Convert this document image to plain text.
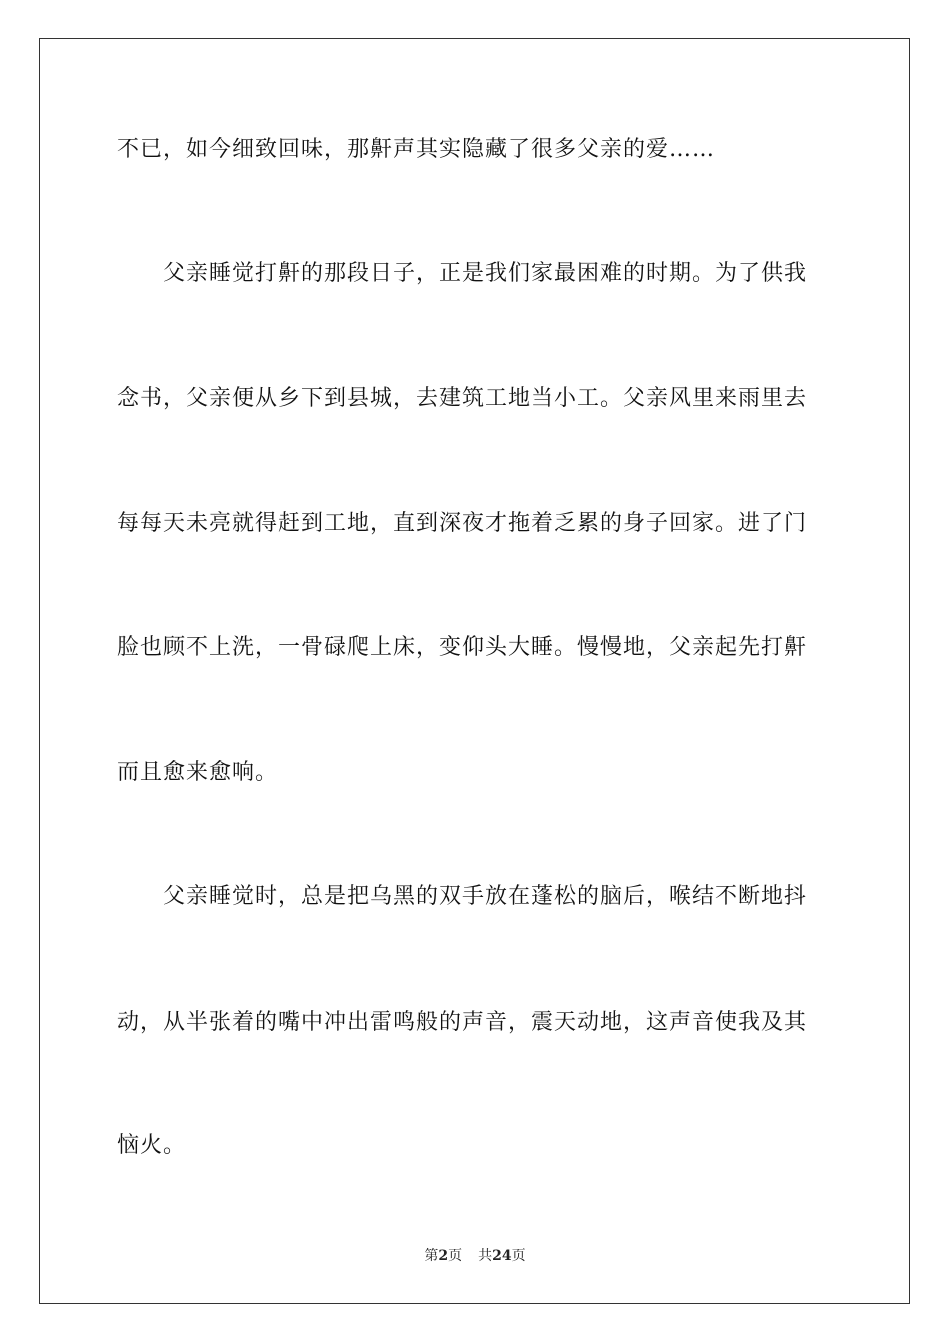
不已，如今细致回味，那鼾声其实隐藏了很多父亲的爱……
父亲睡觉打鼾的那段日子，正是我们家最困难的时期。为了供我
念书，父亲便从乡下到县城，去建筑工地当小工。父亲风里来雨里去
每每天未亮就得赶到工地，直到深夜才拖着乏累的身子回家。进了门
脸也顾不上洗，一骨碌爬上床，变仰头大睡。慢慢地，父亲起先打鼾
而且愈来愈响。
父亲睡觉时，总是把乌黑的双手放在蓬松的脑后，喉结不断地抖
动，从半张着的嘴中冲出雷鸣般的声音，震天动地，这声音使我及其
恼火。
第2页 共24页
